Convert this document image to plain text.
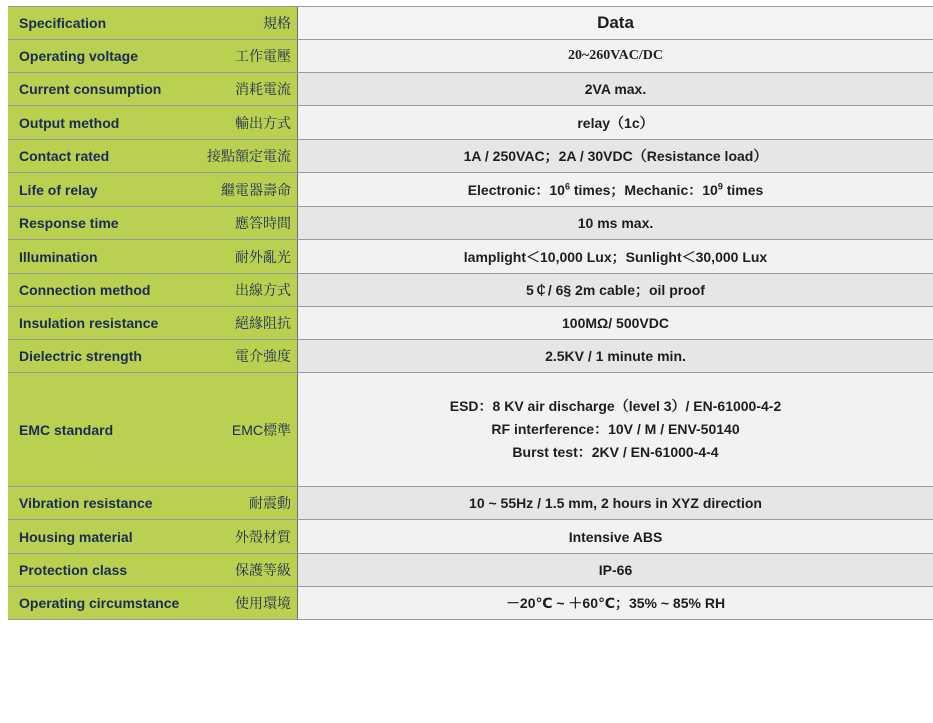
Specification	規格	Data
Operating voltage	工作電壓	20~260VAC/DC
Current consumption	消耗電流	2VA max.
Output method	輸出方式	relay（1c）
Contact rated	接點額定電流	1A / 250VAC；2A / 30VDC（Resistance load）
Life of relay	繼電器壽命	Electronic：$10^6$ times；Mechanic：$10^9$ times
Response time	應答時間	10 ms max.
Illumination	耐外亂光	lamplight＜10,000 Lux；Sunlight＜30,000 Lux
Connection method	出線方式	5￠/ 6§ 2m cable；oil proof
Insulation resistance	絕緣阻抗	100MΩ/ 500VDC
Dielectric strength	電介強度	2.5KV / 1 minute min.
EMC standard	EMC標準	ESD：8 KV air discharge（level 3）/ EN-61000-4-2
RF interference：10V / M / ENV-50140
Burst test：2KV / EN-61000-4-4

Vibration resistance	耐震動	10 ~ 55Hz / 1.5 mm, 2 hours in XYZ direction
Housing material	外殼材質	Intensive ABS
Protection class	保護等級	IP-66
Operating circumstance	使用環境	－20℃ ~ ＋60℃；35% ~ 85% RH
